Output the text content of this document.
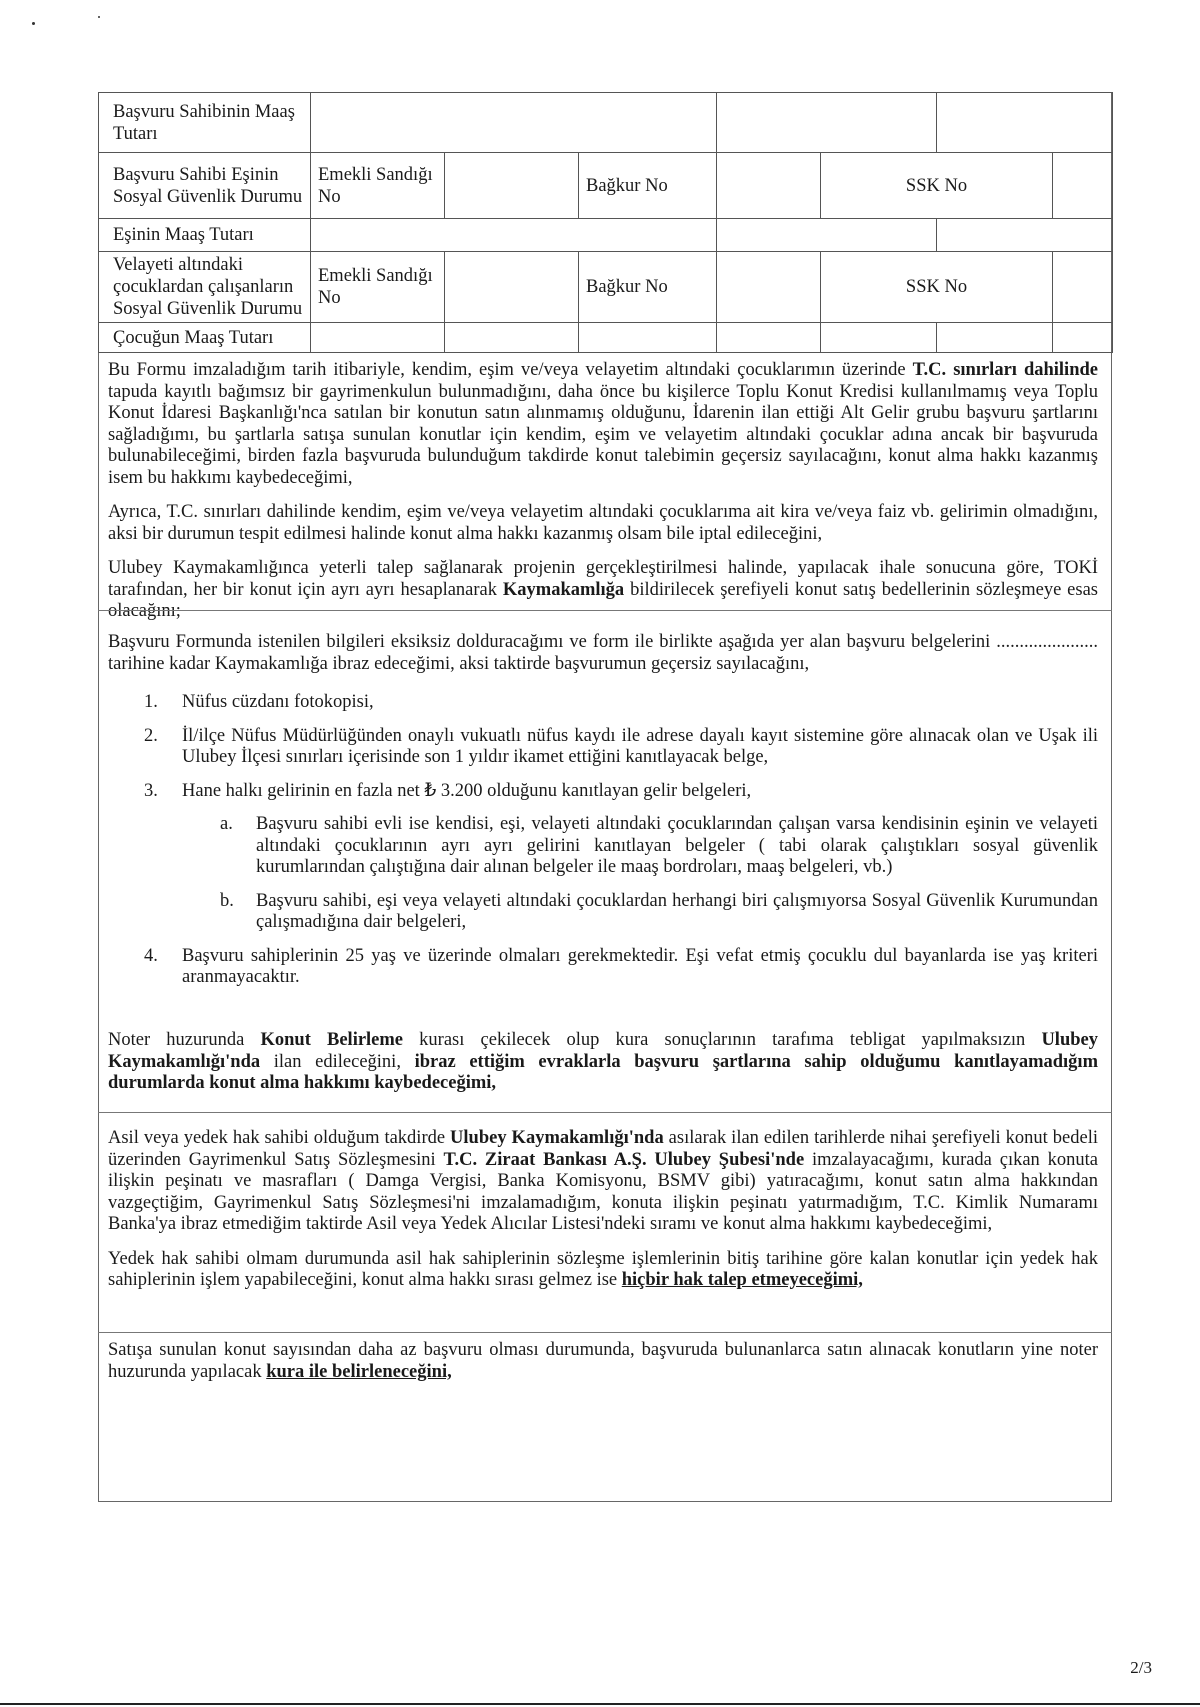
Başvuru Sahibinin Maaş Tutarı							
Başvuru Sahibi Eşinin Sosyal Güvenlik Durumu	Emekli Sandığı No		Bağkur No		SSK No		
Eşinin Maaş Tutarı							
Velayeti altındaki çocuklardan çalışanların Sosyal Güvenlik Durumu	Emekli Sandığı No		Bağkur No		SSK No		
Çocuğun Maaş Tutarı							

Bu Formu imzaladığım tarih itibariyle, kendim, eşim ve/veya velayetim altındaki çocuklarımın üzerinde T.C. sınırları dahilinde tapuda kayıtlı bağımsız bir gayrimenkulun bulunmadığını, daha önce bu kişilerce Toplu Konut Kredisi kullanılmamış veya Toplu Konut İdaresi Başkanlığı'nca satılan bir konutun satın alınmamış olduğunu, İdarenin ilan ettiği Alt Gelir grubu başvuru şartlarını sağladığımı, bu şartlarla satışa sunulan konutlar için kendim, eşim ve velayetim altındaki çocuklar adına ancak bir başvuruda bulunabileceğimi, birden fazla başvuruda bulunduğum takdirde konut talebimin geçersiz sayılacağını, konut alma hakkı kazanmış isem bu hakkımı kaybedeceğimi,

Ayrıca, T.C. sınırları dahilinde kendim, eşim ve/veya velayetim altındaki çocuklarıma ait kira ve/veya faiz vb. gelirimin olmadığını, aksi bir durumun tespit edilmesi halinde konut alma hakkı kazanmış olsam bile iptal edileceğini,

Ulubey Kaymakamlığınca yeterli talep sağlanarak projenin gerçekleştirilmesi halinde, yapılacak ihale sonucuna göre, TOKİ tarafından, her bir konut için ayrı ayrı hesaplanarak Kaymakamlığa bildirilecek şerefiyeli konut satış bedellerinin sözleşmeye esas olacağını;

Başvuru Formunda istenilen bilgileri eksiksiz dolduracağımı ve form ile birlikte aşağıda yer alan başvuru belgelerini ...................... tarihine kadar Kaymakamlığa ibraz edeceğimi, aksi taktirde başvurumun geçersiz sayılacağını,

1. Nüfus cüzdanı fotokopisi,
2. İl/ilçe Nüfus Müdürlüğünden onaylı vukuatlı nüfus kaydı ile adrese dayalı kayıt sistemine göre alınacak olan ve Uşak ili Ulubey İlçesi sınırları içerisinde son 1 yıldır ikamet ettiğini kanıtlayacak belge,
3. Hane halkı gelirinin en fazla net ₺ 3.200 olduğunu kanıtlayan gelir belgeleri,
a. Başvuru sahibi evli ise kendisi, eşi, velayeti altındaki çocuklarından çalışan varsa kendisinin eşinin ve velayeti altındaki çocuklarının ayrı ayrı gelirini kanıtlayan belgeler ( tabi olarak çalıştıkları sosyal güvenlik kurumlarından çalıştığına dair alınan belgeler ile maaş bordroları, maaş belgeleri, vb.)
b. Başvuru sahibi, eşi veya velayeti altındaki çocuklardan herhangi biri çalışmıyorsa Sosyal Güvenlik Kurumundan çalışmadığına dair belgeleri,
4. Başvuru sahiplerinin 25 yaş ve üzerinde olmaları gerekmektedir. Eşi vefat etmiş çocuklu dul bayanlarda ise yaş kriteri aranmayacaktır.

Noter huzurunda Konut Belirleme kurası çekilecek olup kura sonuçlarının tarafıma tebligat yapılmaksızın Ulubey Kaymakamlığı'nda ilan edileceğini, ibraz ettiğim evraklarla başvuru şartlarına sahip olduğumu kanıtlayamadığım durumlarda konut alma hakkımı kaybedeceğimi,

Asil veya yedek hak sahibi olduğum takdirde Ulubey Kaymakamlığı'nda asılarak ilan edilen tarihlerde nihai şerefiyeli konut bedeli üzerinden Gayrimenkul Satış Sözleşmesini T.C. Ziraat Bankası A.Ş. Ulubey Şubesi'nde imzalayacağımı, kurada çıkan konuta ilişkin peşinatı ve masrafları ( Damga Vergisi, Banka Komisyonu, BSMV gibi) yatıracağımı, konut satın alma hakkından vazgeçtiğim, Gayrimenkul Satış Sözleşmesi'ni imzalamadığım, konuta ilişkin peşinatı yatırmadığım, T.C. Kimlik Numaramı Banka'ya ibraz etmediğim taktirde Asil veya Yedek Alıcılar Listesi'ndeki sıramı ve konut alma hakkımı kaybedeceğimi,

Yedek hak sahibi olmam durumunda asil hak sahiplerinin sözleşme işlemlerinin bitiş tarihine göre kalan konutlar için yedek hak sahiplerinin işlem yapabileceğini, konut alma hakkı sırası gelmez ise hiçbir hak talep etmeyeceğimi,

Satışa sunulan konut sayısından daha az başvuru olması durumunda, başvuruda bulunanlarca satın alınacak konutların yine noter huzurunda yapılacak kura ile belirleneceğini,

2/3
